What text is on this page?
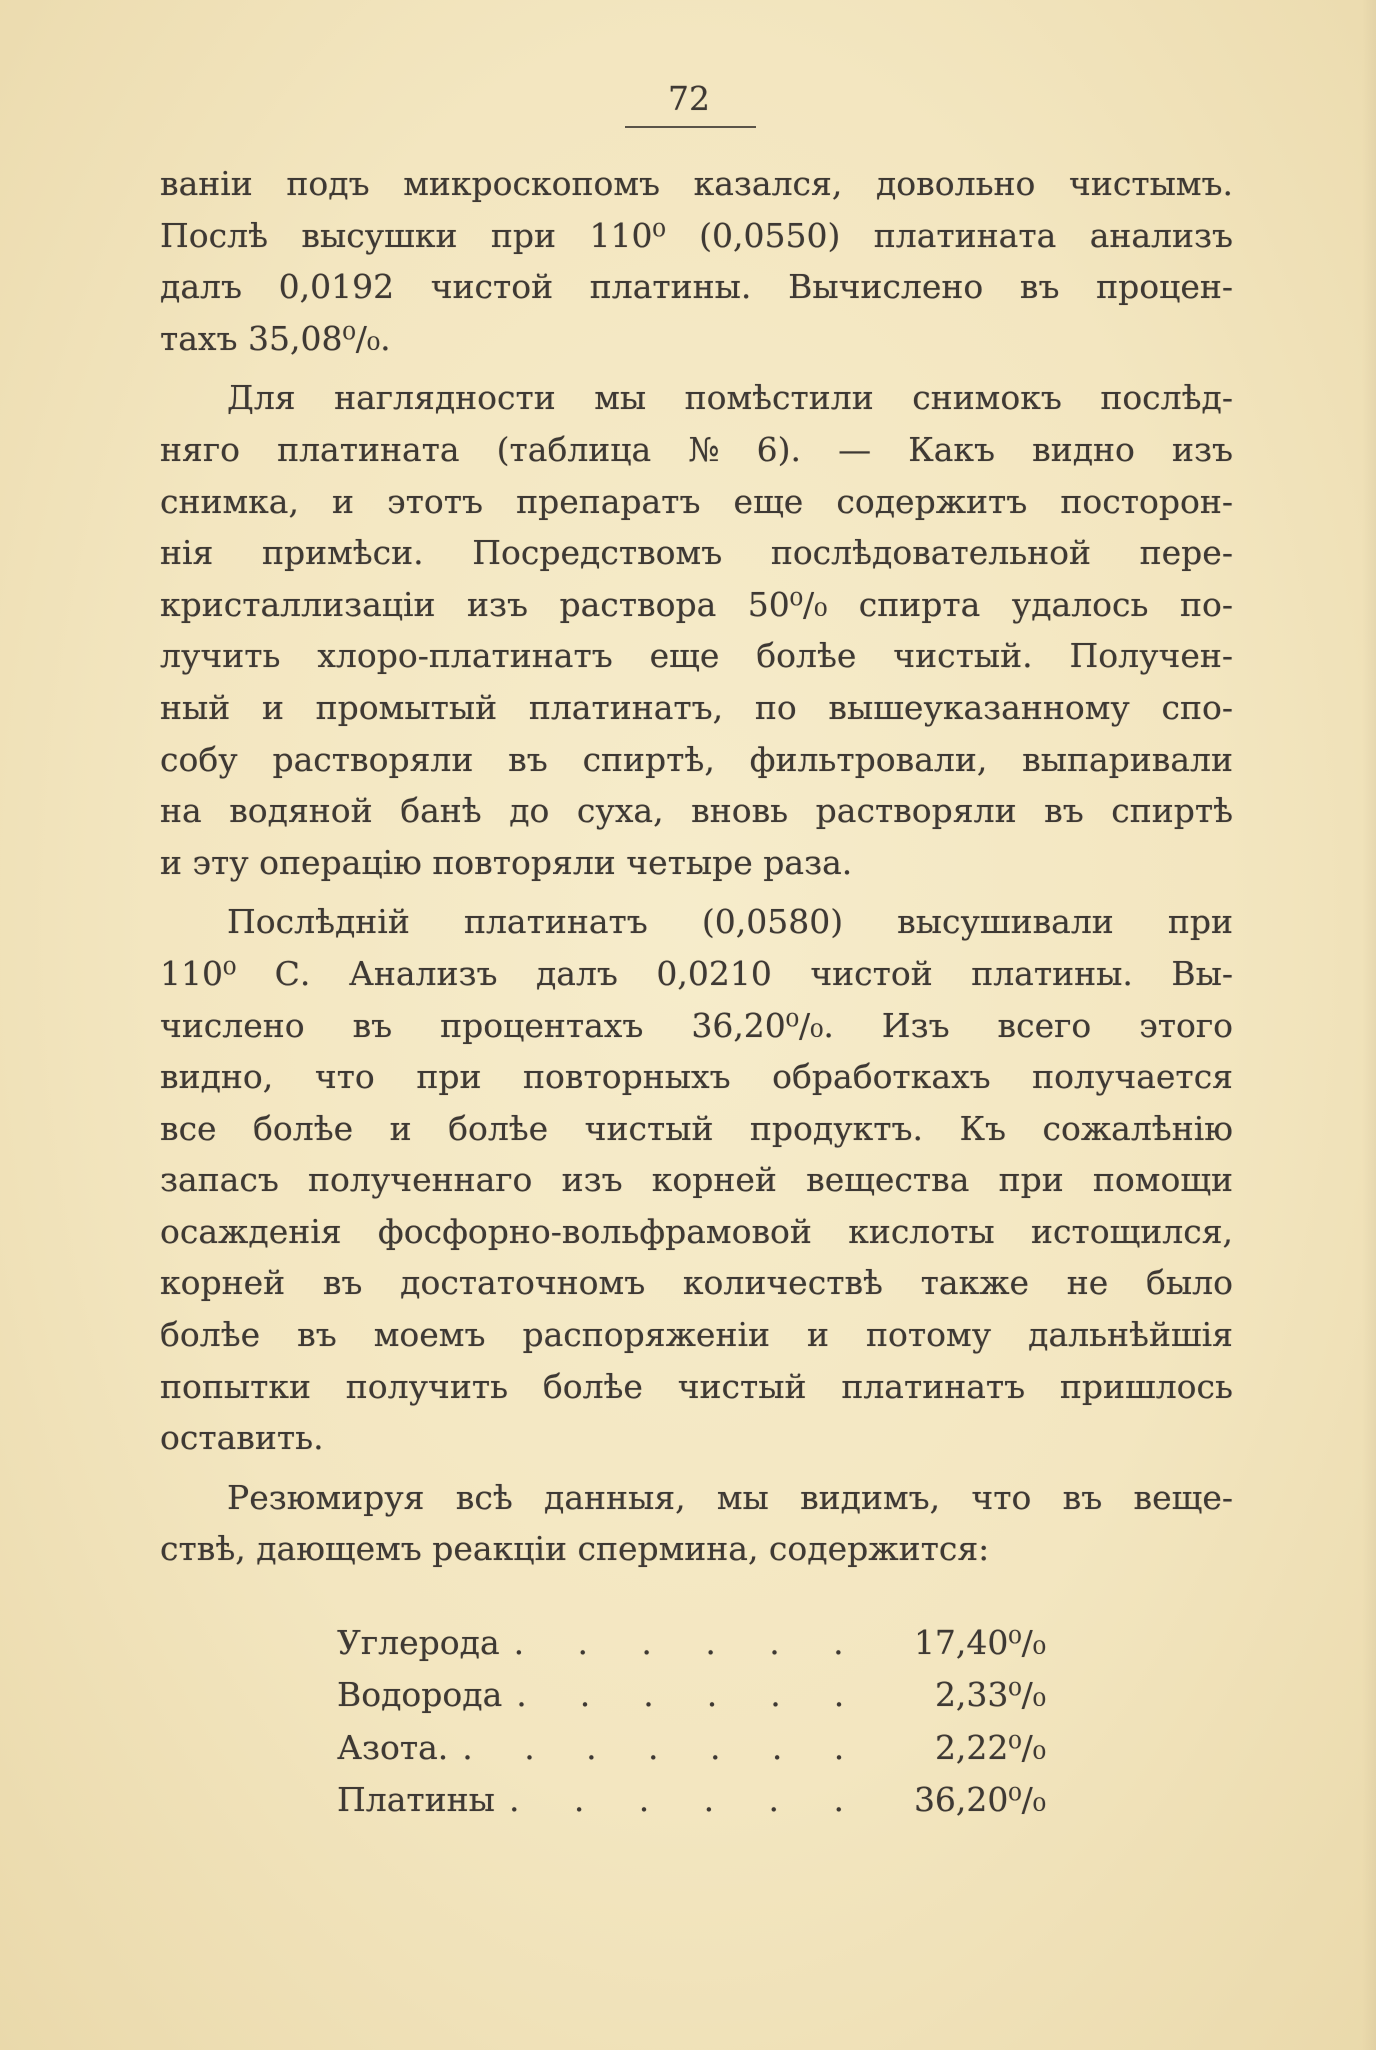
72
ваніи подъ микроскопомъ казался, довольно чистымъ.
Послѣ высушки при 110⁰ (0,0550) платината анализъ
далъ 0,0192 чистой платины. Вычислено въ процен-
тахъ 35,08⁰/₀.
Для наглядности мы помѣстили снимокъ послѣд-
няго платината (таблица № 6). — Какъ видно изъ
снимка, и этотъ препаратъ еще содержитъ посторон-
нія примѣси. Посредствомъ послѣдовательной пере-
кристаллизаціи изъ раствора 50⁰/₀ спирта удалось по-
лучить хлоро-платинатъ еще болѣе чистый. Получен-
ный и промытый платинатъ, по вышеуказанному спо-
собу растворяли въ спиртѣ, фильтровали, выпаривали
на водяной банѣ до суха, вновь растворяли въ спиртѣ
и эту операцію повторяли четыре раза.
Послѣдній платинатъ (0,0580) высушивали при
110⁰ С. Анализъ далъ 0,0210 чистой платины. Вы-
числено въ процентахъ 36,20⁰/₀. Изъ всего этого
видно, что при повторныхъ обработкахъ получается
все болѣе и болѣе чистый продуктъ. Къ сожалѣнію
запасъ полученнаго изъ корней вещества при помощи
осажденія фосфорно-вольфрамовой кислоты истощился,
корней въ достаточномъ количествѣ также не было
болѣе въ моемъ распоряженіи и потому дальнѣйшія
попытки получить болѣе чистый платинатъ пришлось
оставить.
Резюмируя всѣ данныя, мы видимъ, что въ веще-
ствѣ, дающемъ реакціи спермина, содержится:
Углерода . . . . . .	17,40⁰/₀
Водорода . . . . . .	2,33⁰/₀
Азота. . . . . . . .	2,22⁰/₀
Платины . . . . . .	36,20⁰/₀
